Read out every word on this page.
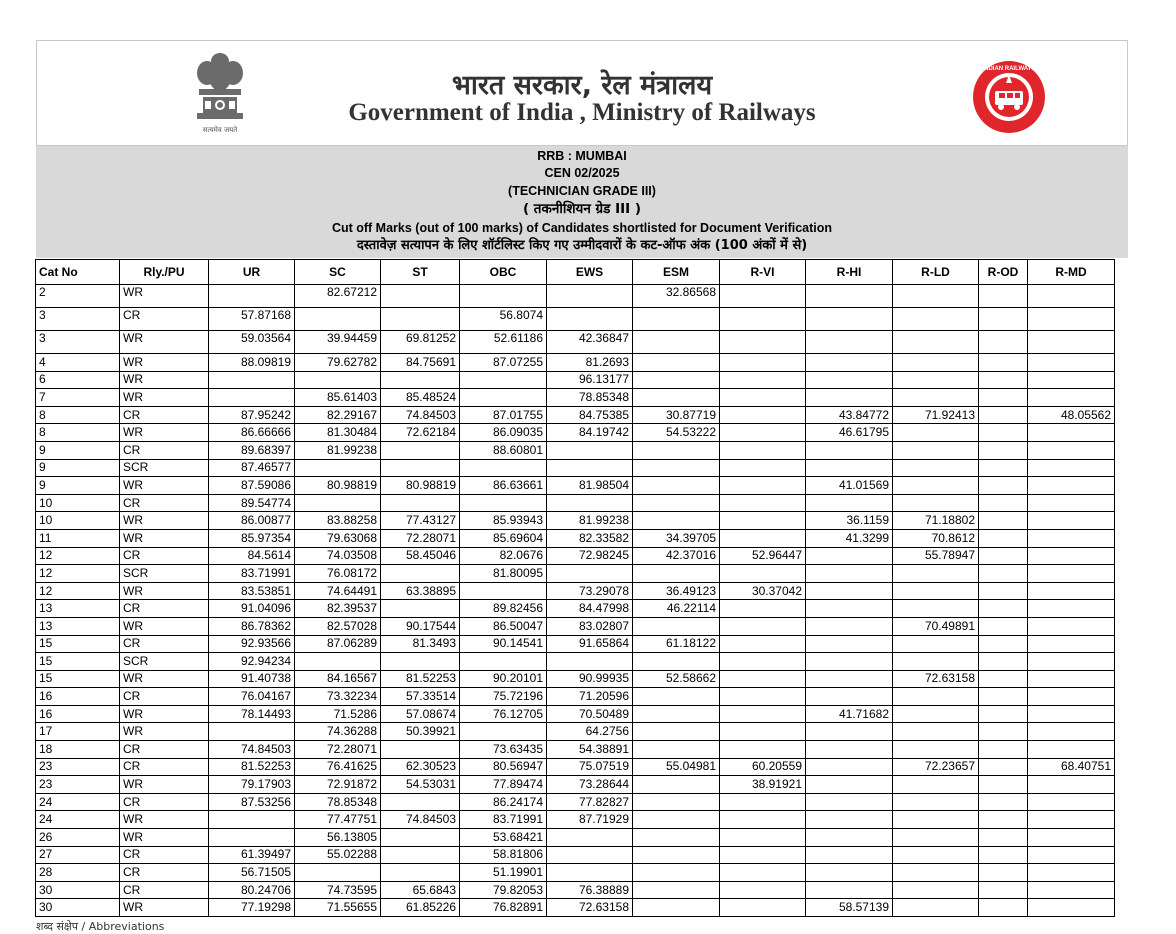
सत्यमेव जयते
भारत सरकार, रेल मंत्रालय
Government of India , Ministry of Railways
INDIAN RAILWAYS
RRB : MUMBAI
CEN 02/2025
(TECHNICIAN GRADE III)
( तकनीशियन ग्रेड III )
Cut off Marks (out of 100 marks) of Candidates shortlisted for Document Verification
दस्तावेज़ सत्यापन के लिए शॉर्टलिस्ट किए गए उम्मीदवारों के कट-ऑफ अंक (100 अंकों में से)
Cat No	Rly./PU	UR	SC	ST	OBC	EWS	ESM	R-VI	R-HI	R-LD	R-OD	R-MD
2	WR		82.67212				32.86568					
3	CR	57.87168			56.8074							
3	WR	59.03564	39.94459	69.81252	52.61186	42.36847						
4	WR	88.09819	79.62782	84.75691	87.07255	81.2693						
6	WR					96.13177						
7	WR		85.61403	85.48524		78.85348						
8	CR	87.95242	82.29167	74.84503	87.01755	84.75385	30.87719		43.84772	71.92413		48.05562
8	WR	86.66666	81.30484	72.62184	86.09035	84.19742	54.53222		46.61795			
9	CR	89.68397	81.99238		88.60801							
9	SCR	87.46577										
9	WR	87.59086	80.98819	80.98819	86.63661	81.98504			41.01569			
10	CR	89.54774										
10	WR	86.00877	83.88258	77.43127	85.93943	81.99238			36.1159	71.18802		
11	WR	85.97354	79.63068	72.28071	85.69604	82.33582	34.39705		41.3299	70.8612		
12	CR	84.5614	74.03508	58.45046	82.0676	72.98245	42.37016	52.96447		55.78947		
12	SCR	83.71991	76.08172		81.80095							
12	WR	83.53851	74.64491	63.38895		73.29078	36.49123	30.37042				
13	CR	91.04096	82.39537		89.82456	84.47998	46.22114					
13	WR	86.78362	82.57028	90.17544	86.50047	83.02807				70.49891		
15	CR	92.93566	87.06289	81.3493	90.14541	91.65864	61.18122					
15	SCR	92.94234										
15	WR	91.40738	84.16567	81.52253	90.20101	90.99935	52.58662			72.63158		
16	CR	76.04167	73.32234	57.33514	75.72196	71.20596						
16	WR	78.14493	71.5286	57.08674	76.12705	70.50489			41.71682			
17	WR		74.36288	50.39921		64.2756						
18	CR	74.84503	72.28071		73.63435	54.38891						
23	CR	81.52253	76.41625	62.30523	80.56947	75.07519	55.04981	60.20559		72.23657		68.40751
23	WR	79.17903	72.91872	54.53031	77.89474	73.28644		38.91921				
24	CR	87.53256	78.85348		86.24174	77.82827						
24	WR		77.47751	74.84503	83.71991	87.71929						
26	WR		56.13805		53.68421							
27	CR	61.39497	55.02288		58.81806							
28	CR	56.71505			51.19901							
30	CR	80.24706	74.73595	65.6843	79.82053	76.38889						
30	WR	77.19298	71.55655	61.85226	76.82891	72.63158			58.57139			
शब्द संक्षेप / Abbreviations
